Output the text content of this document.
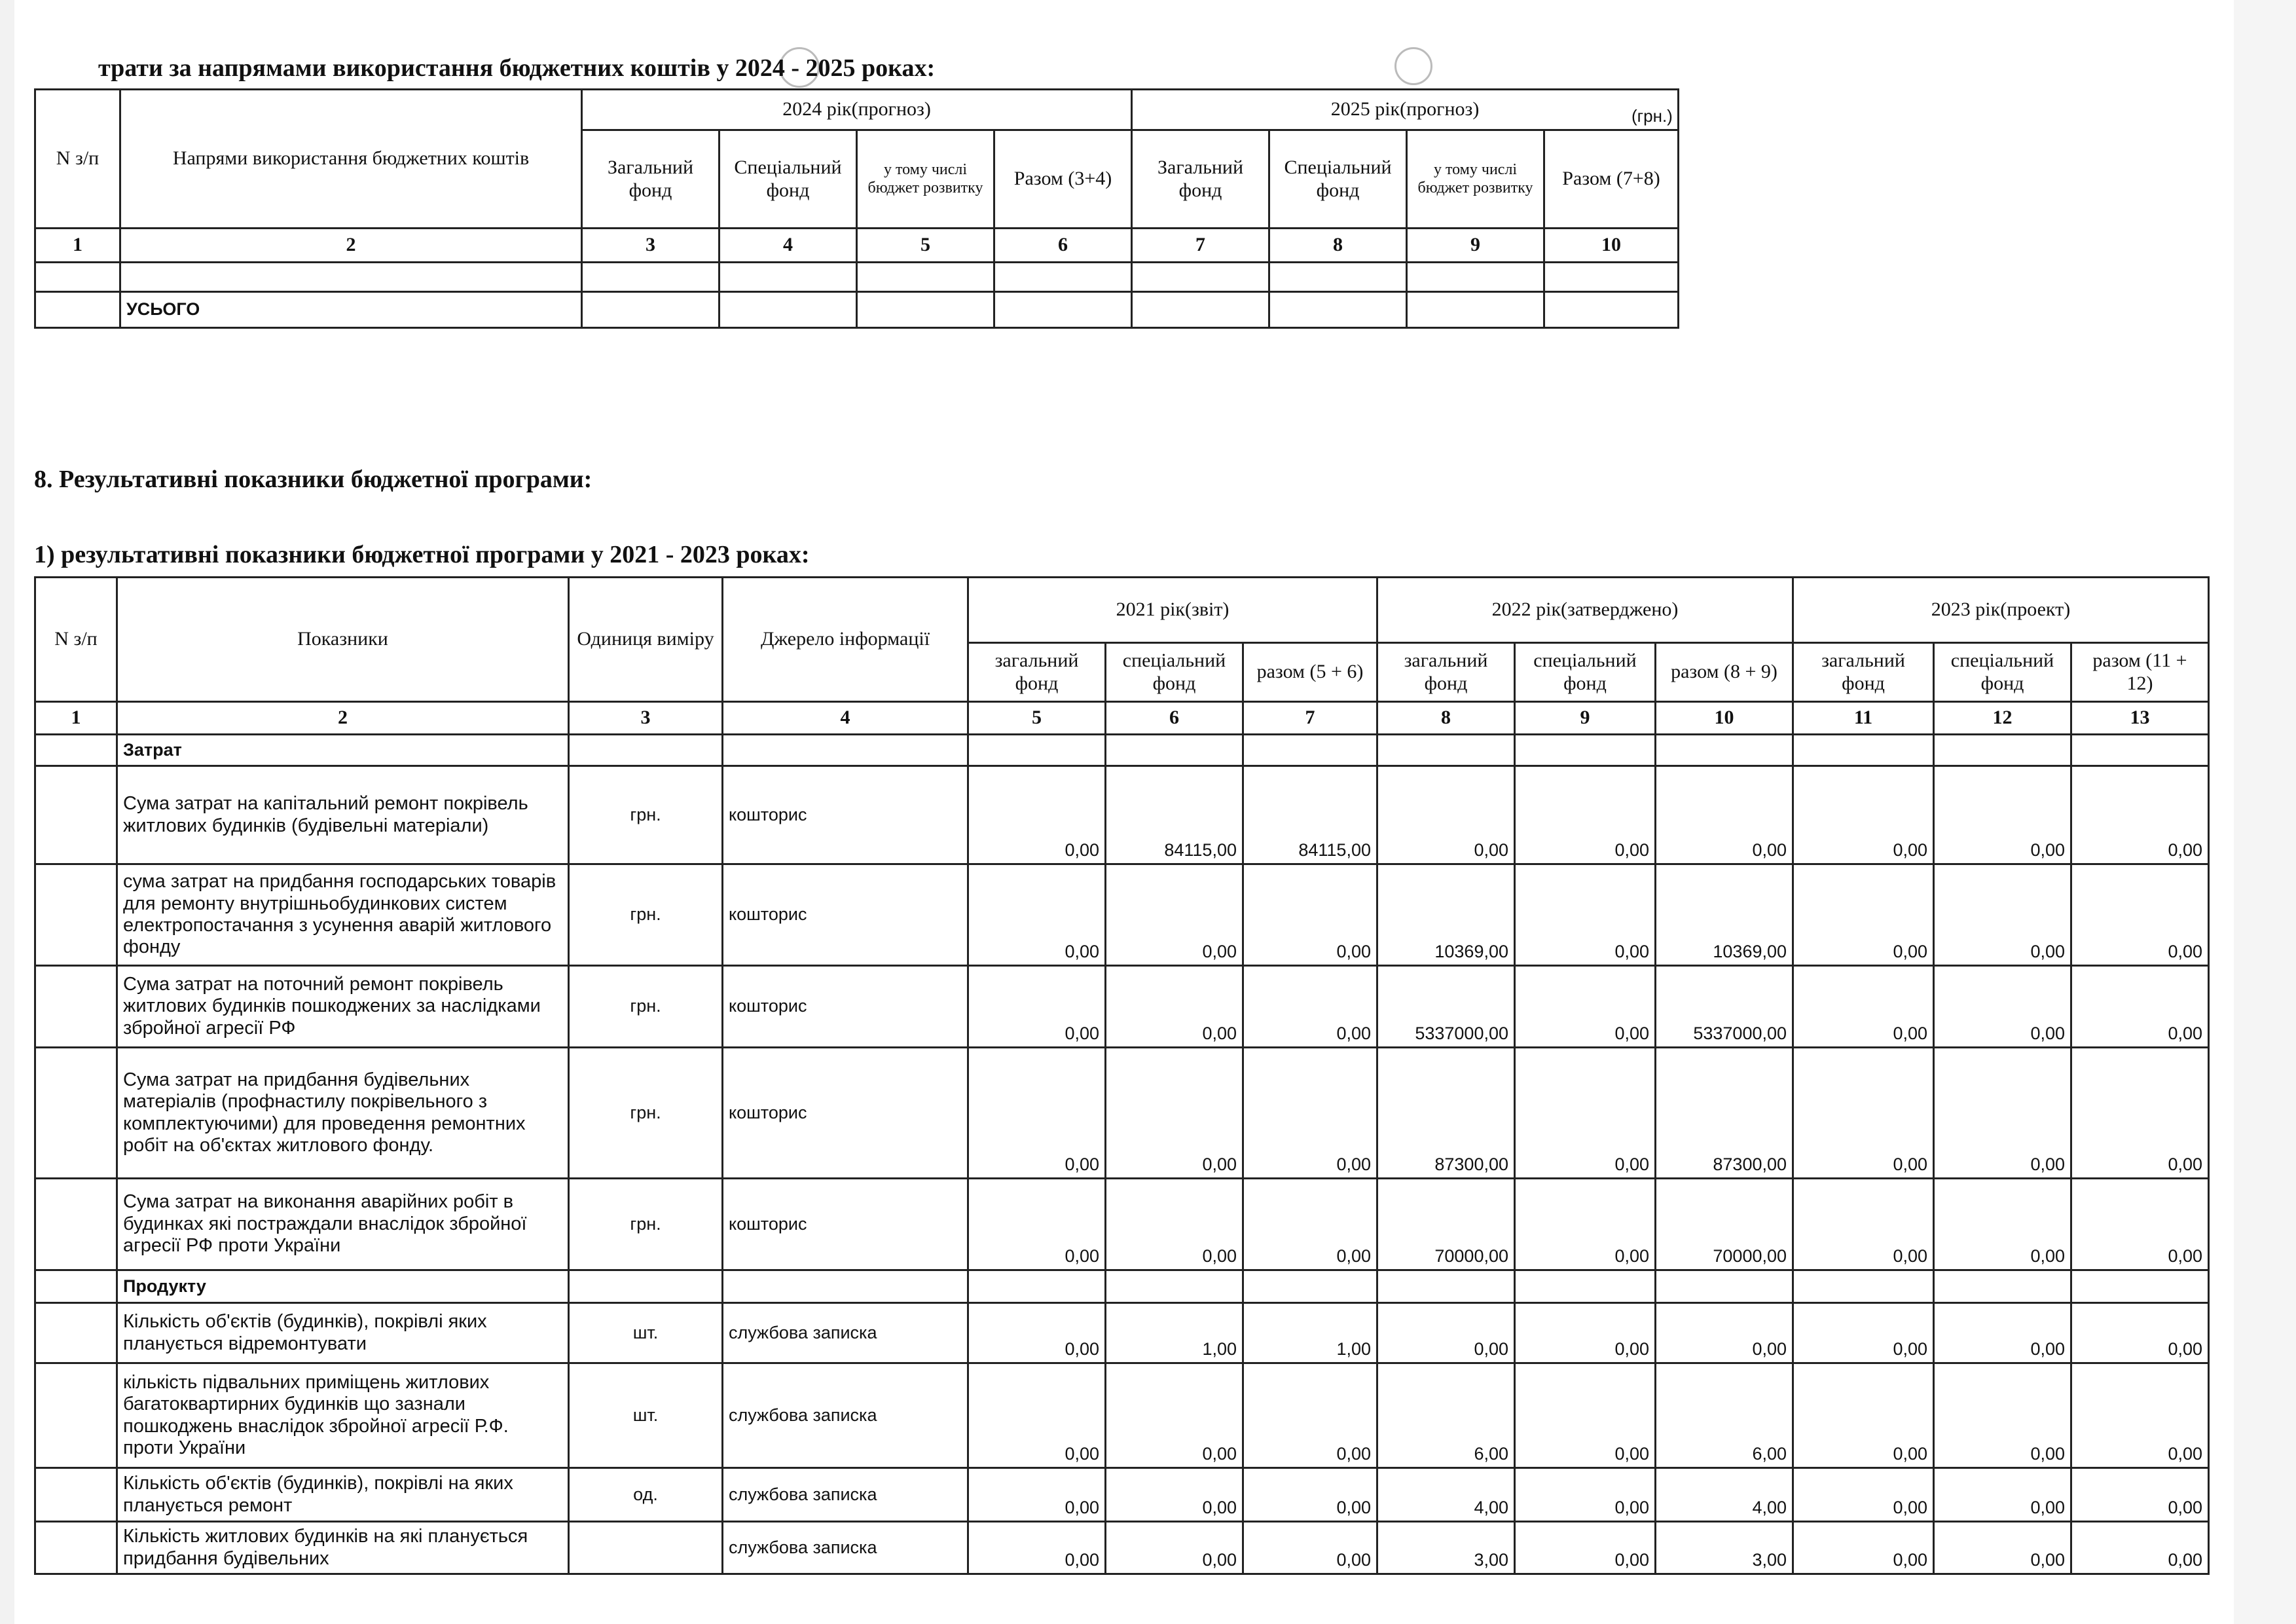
трати за напрямами використання бюджетних коштів у 2024 - 2025 роках:
(грн.)
N з/п	Напрями використання бюджетних коштів	2024 рік(прогноз)				2025 рік(прогноз)			
		Загальний фонд	Спеціальний фонд	у тому числі бюджет розвитку	Разом (3+4)	Загальний фонд	Спеціальний фонд	у тому числі бюджет розвитку	Разом (7+8)
1	2	3	4	5	6	7	8	9	10

	УСЬОГО								
8. Результативні показники бюджетної програми:
1) результативні показники бюджетної програми у 2021 - 2023 роках:
N з/п	Показники	Одиниця виміру	Джерело інформації	2021 рік(звіт)			2022 рік(затверджено)			2023 рік(проект)		
				загальний фонд	спеціальний фонд	разом (5 + 6)	загальний фонд	спеціальний фонд	разом (8 + 9)	загальний фонд	спеціальний фонд	разом (11 + 12)
1	2	3	4	5	6	7	8	9	10	11	12	13
	Затрат											
	Сума затрат на капітальний ремонт покрівель житлових будинків (будівельні матеріали)	грн.	кошторис	0,00	84115,00	84115,00	0,00	0,00	0,00	0,00	0,00	0,00
	сума затрат на придбання господарських товарів для ремонту внутрішньобудинкових систем електропостачання з усунення аварій житлового фонду	грн.	кошторис	0,00	0,00	0,00	10369,00	0,00	10369,00	0,00	0,00	0,00
	Сума затрат на поточний ремонт покрівель житлових будинків пошкоджених за наслідками збройної агресії РФ	грн.	кошторис	0,00	0,00	0,00	5337000,00	0,00	5337000,00	0,00	0,00	0,00
	Сума затрат на придбання будівельних матеріалів (профнастилу покрівельного з комплектуючими) для проведення ремонтних робіт на об'єктах житлового фонду.	грн.	кошторис	0,00	0,00	0,00	87300,00	0,00	87300,00	0,00	0,00	0,00
	Сума затрат на виконання аварійних робіт в будинках які постраждали внаслідок збройної агресії РФ проти України	грн.	кошторис	0,00	0,00	0,00	70000,00	0,00	70000,00	0,00	0,00	0,00
	Продукту											
	Кількість об'єктів (будинків), покрівлі яких планується відремонтувати	шт.	службова записка	0,00	1,00	1,00	0,00	0,00	0,00	0,00	0,00	0,00
	кількість підвальних приміщень житлових багатоквартирних будинків що зазнали пошкоджень внаслідок збройної агресії Р.Ф. проти України	шт.	службова записка	0,00	0,00	0,00	6,00	0,00	6,00	0,00	0,00	0,00
	Кількість об'єктів (будинків), покрівлі на яких планується ремонт	од.	службова записка	0,00	0,00	0,00	4,00	0,00	4,00	0,00	0,00	0,00
	Кількість житлових будинків на які планується придбання будівельних		службова записка	0,00	0,00	0,00	3,00	0,00	3,00	0,00	0,00	0,00
